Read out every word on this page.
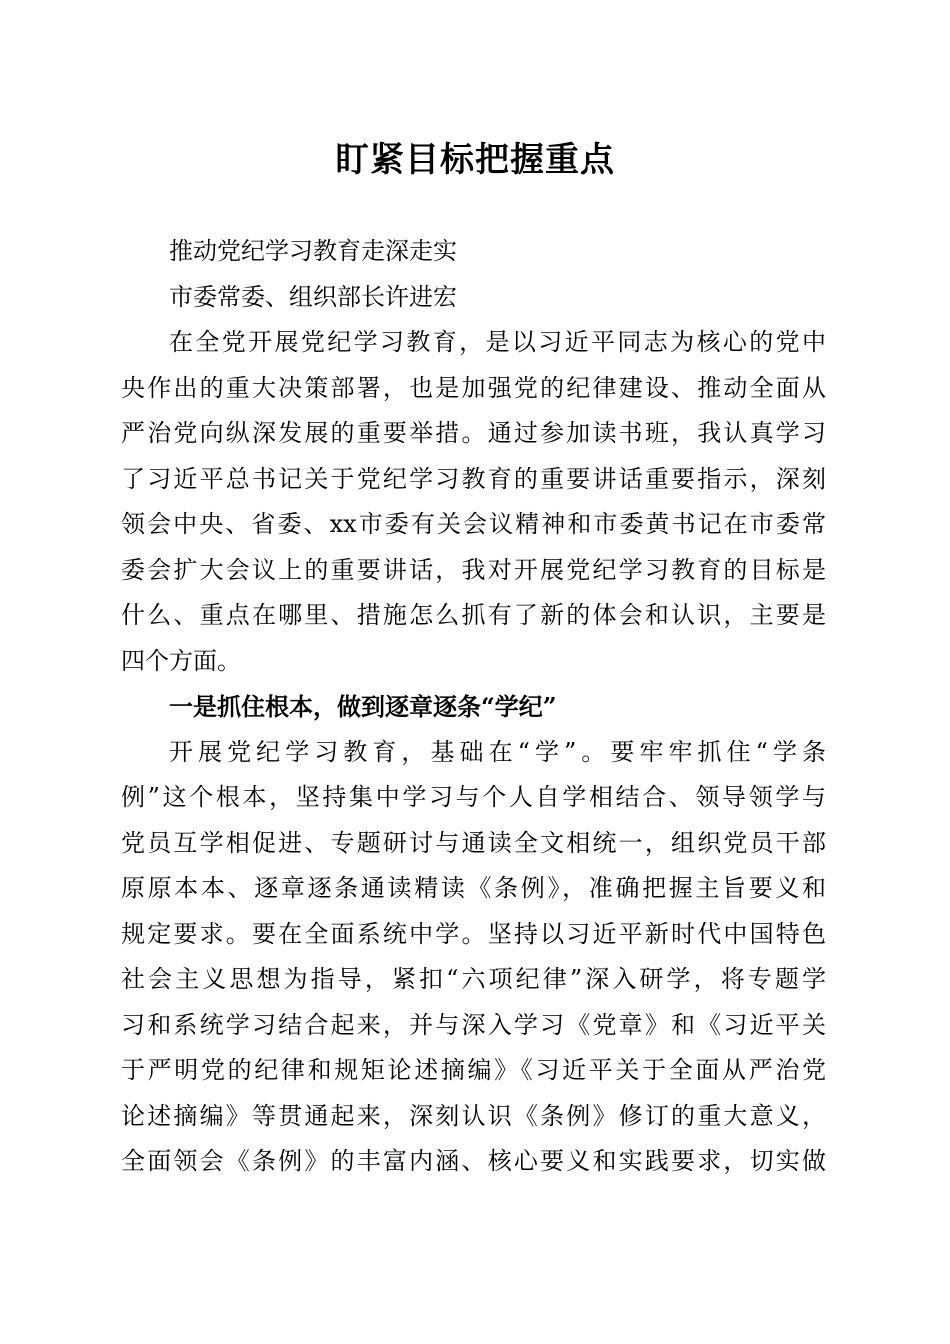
盯紧目标把握重点
推动党纪学习教育走深走实
市委常委、组织部长许进宏
在全党开展党纪学习教育，是以习近平同志为核心的党中
央作出的重大决策部署，也是加强党的纪律建设、推动全面从
严治党向纵深发展的重要举措。通过参加读书班，我认真学习
了习近平总书记关于党纪学习教育的重要讲话重要指示，深刻
领会中央、省委、xx市委有关会议精神和市委黄书记在市委常
委会扩大会议上的重要讲话，我对开展党纪学习教育的目标是
什么、重点在哪里、措施怎么抓有了新的体会和认识，主要是
四个方面。
一是抓住根本，做到逐章逐条“学纪”
开展党纪学习教育，基础在“学”。要牢牢抓住“学条
例”这个根本，坚持集中学习与个人自学相结合、领导领学与
党员互学相促进、专题研讨与通读全文相统一，组织党员干部
原原本本、逐章逐条通读精读《条例》，准确把握主旨要义和
规定要求。要在全面系统中学。坚持以习近平新时代中国特色
社会主义思想为指导，紧扣“六项纪律”深入研学，将专题学
习和系统学习结合起来，并与深入学习《党章》和《习近平关
于严明党的纪律和规矩论述摘编》《习近平关于全面从严治党
论述摘编》等贯通起来，深刻认识《条例》修订的重大意义，
全面领会《条例》的丰富内涵、核心要义和实践要求，切实做
